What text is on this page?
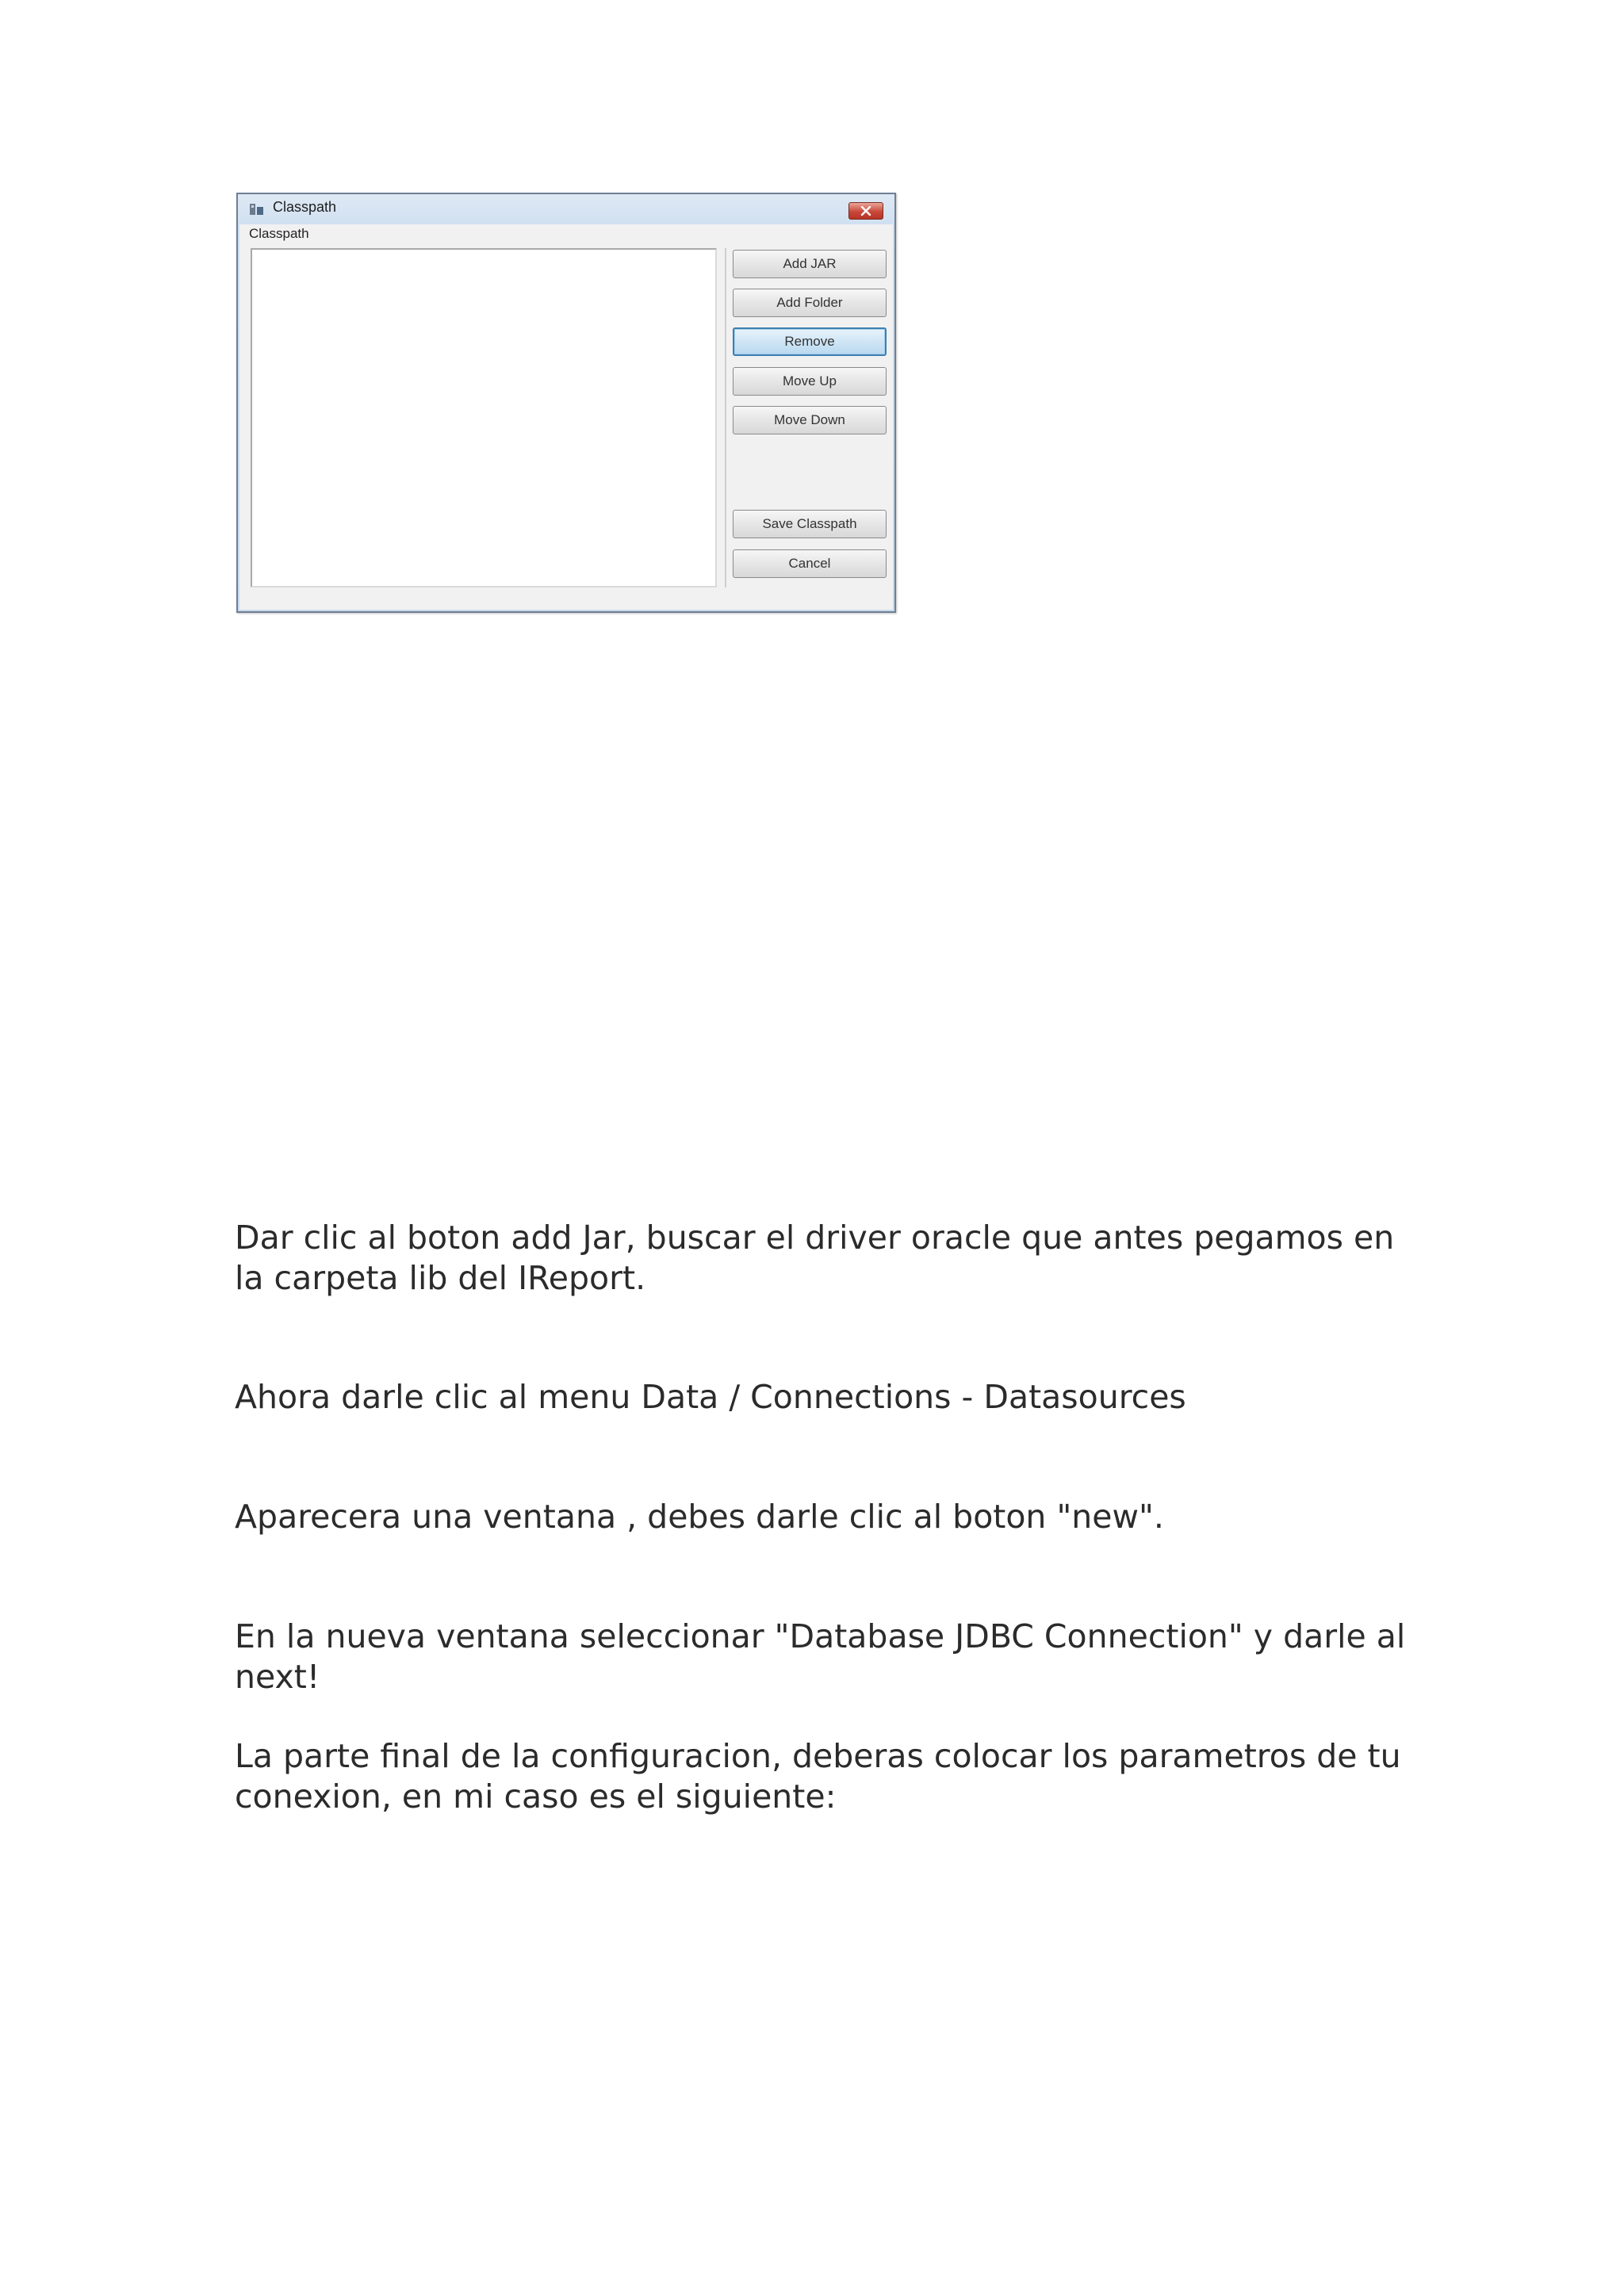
Classpath
Classpath
Add JAR
Add Folder
Remove
Move Up
Move Down
Save Classpath
Cancel

Dar clic al boton add Jar, buscar el driver oracle que antes pegamos en la carpeta lib del IReport.

Ahora darle clic al menu Data / Connections - Datasources

Aparecera una ventana , debes darle clic al boton "new".

En la nueva ventana seleccionar "Database JDBC Connection" y darle al next!

La parte final de la configuracion, deberas colocar los parametros de tu conexion, en mi caso es el siguiente:
